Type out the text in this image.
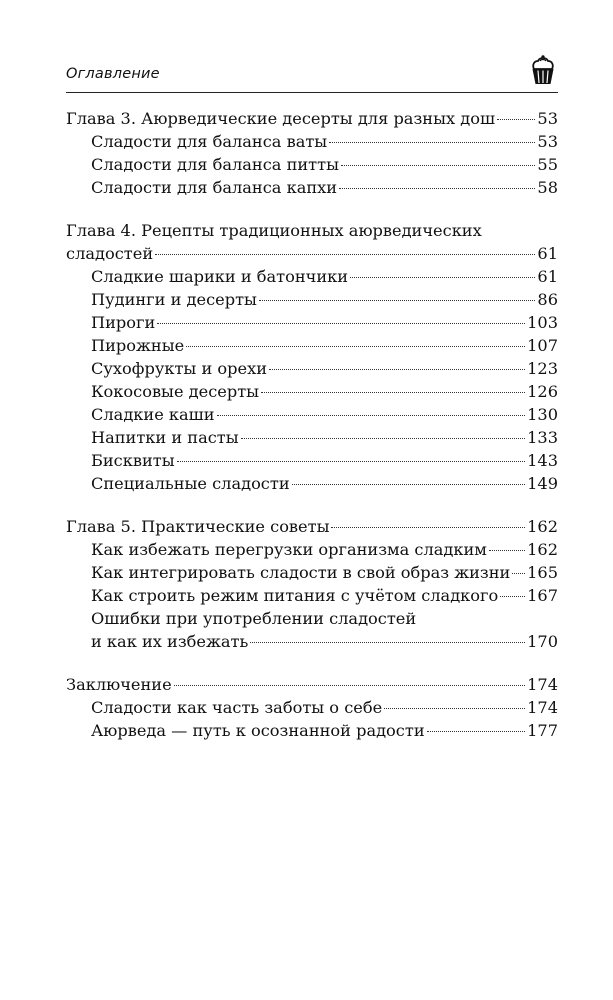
Оглавление
Глава 3. Аюрведические десерты для разных дош	53
Сладости для баланса ваты	53
Сладости для баланса питты	55
Сладости для баланса капхи	58
Глава 4. Рецепты традиционных аюрведических
сладостей	61
Сладкие шарики и батончики	61
Пудинги и десерты	86
Пироги	103
Пирожные	107
Сухофрукты и орехи	123
Кокосовые десерты	126
Сладкие каши	130
Напитки и пасты	133
Бисквиты	143
Специальные сладости	149
Глава 5. Практические советы	162
Как избежать перегрузки организма сладким 162
Как интегрировать сладости в свой образ жизни 165
Как строить режим питания с учётом сладкого 167
Ошибки при употреблении сладостей
и как их избежать	170
Заключение	174
Сладости как часть заботы о себе	174
Аюрведа — путь к осознанной радости	177
